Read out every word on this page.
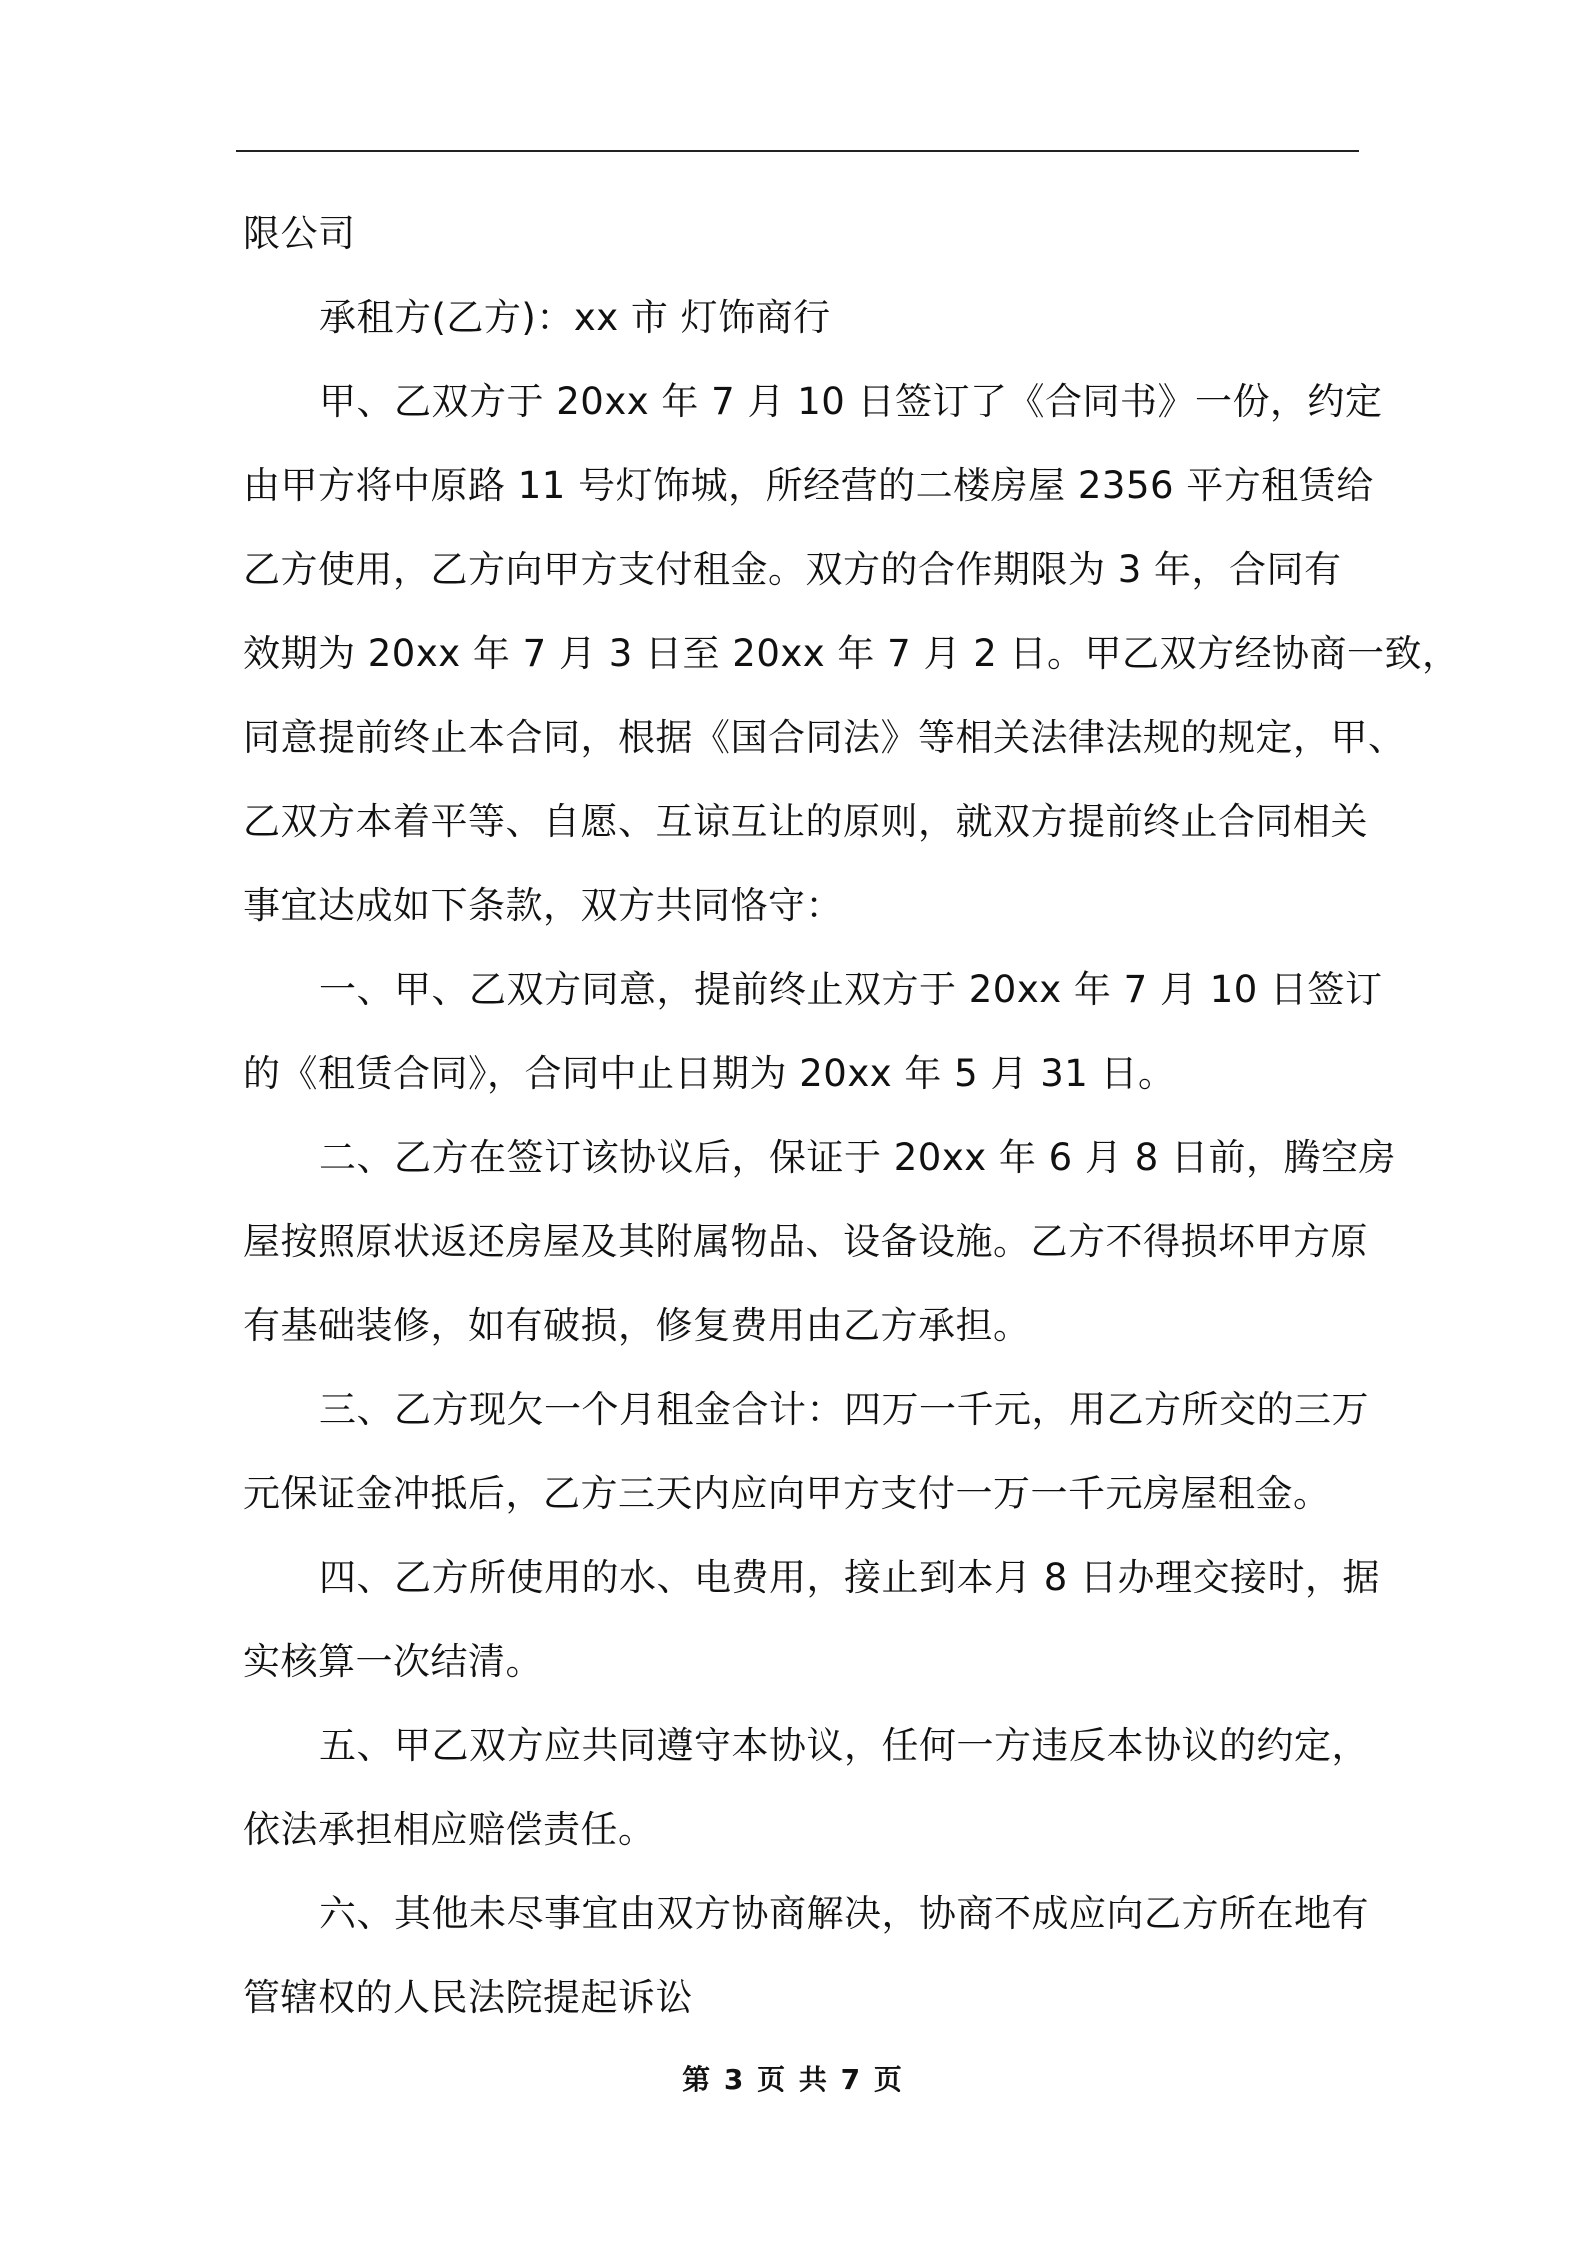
限公司
承租方(乙方)：xx 市 灯饰商行
甲、乙双方于 20xx 年 7 月 10 日签订了《合同书》一份，约定
由甲方将中原路 11 号灯饰城，所经营的二楼房屋 2356 平方租赁给
乙方使用，乙方向甲方支付租金。双方的合作期限为 3 年，合同有
效期为 20xx 年 7 月 3 日至 20xx 年 7 月 2 日。甲乙双方经协商一致，
同意提前终止本合同，根据《国合同法》等相关法律法规的规定，甲、
乙双方本着平等、自愿、互谅互让的原则，就双方提前终止合同相关
事宜达成如下条款，双方共同恪守：
一、甲、乙双方同意，提前终止双方于 20xx 年 7 月 10 日签订
的《租赁合同》，合同中止日期为 20xx 年 5 月 31 日。
二、乙方在签订该协议后，保证于 20xx 年 6 月 8 日前，腾空房
屋按照原状返还房屋及其附属物品、设备设施。乙方不得损坏甲方原
有基础装修，如有破损，修复费用由乙方承担。
三、乙方现欠一个月租金合计：四万一千元，用乙方所交的三万
元保证金冲抵后，乙方三天内应向甲方支付一万一千元房屋租金。
四、乙方所使用的水、电费用，接止到本月 8 日办理交接时，据
实核算一次结清。
五、甲乙双方应共同遵守本协议，任何一方违反本协议的约定，
依法承担相应赔偿责任。
六、其他未尽事宜由双方协商解决，协商不成应向乙方所在地有
管辖权的人民法院提起诉讼
第 3 页 共 7 页
